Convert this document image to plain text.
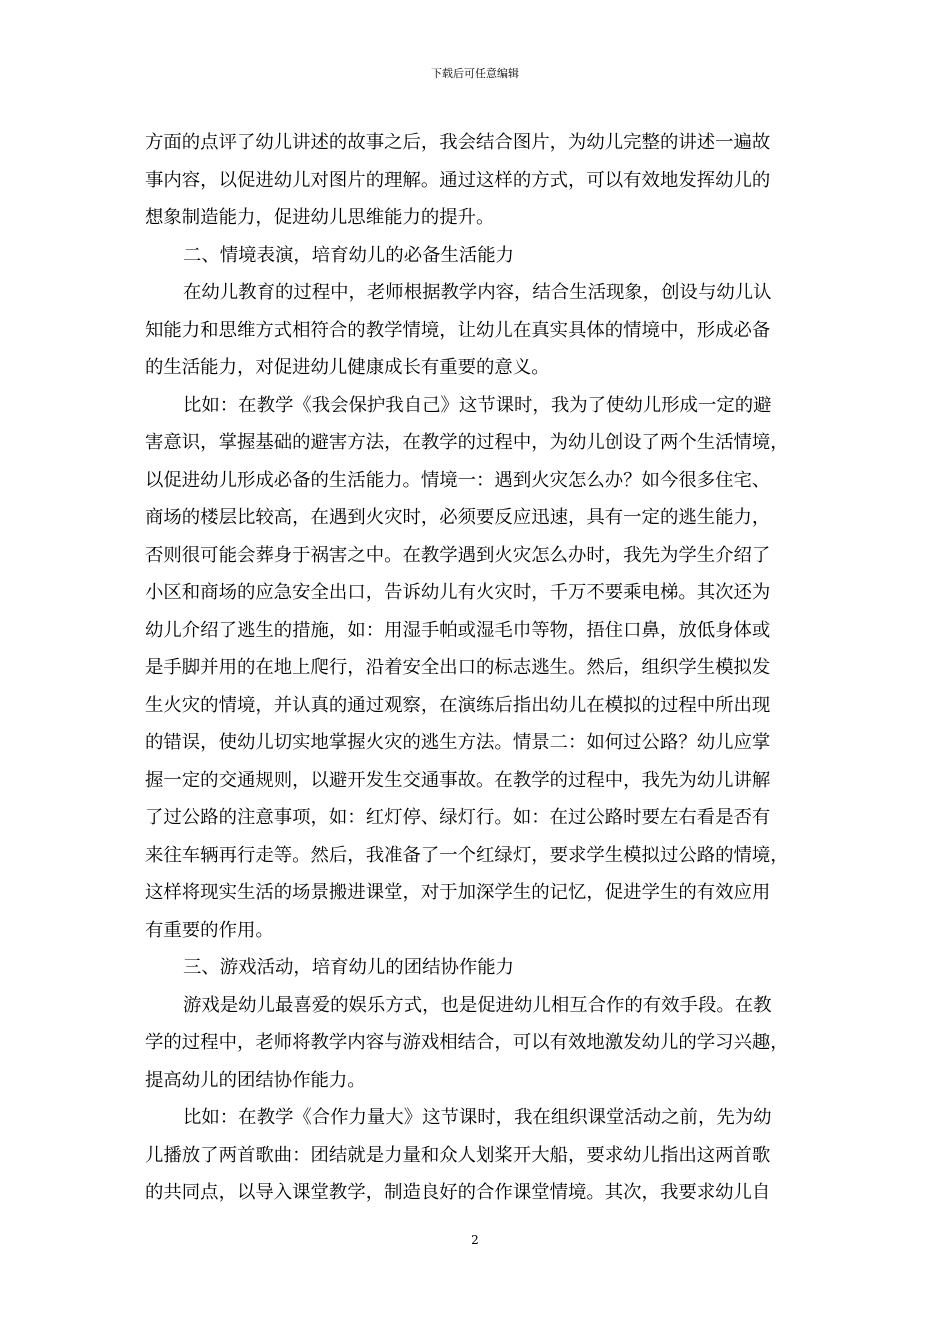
下载后可任意编辑
方面的点评了幼儿讲述的故事之后，我会结合图片，为幼儿完整的讲述一遍故
事内容，以促进幼儿对图片的理解。通过这样的方式，可以有效地发挥幼儿的
想象制造能力，促进幼儿思维能力的提升。
二、情境表演，培育幼儿的必备生活能力
在幼儿教育的过程中，老师根据教学内容，结合生活现象，创设与幼儿认
知能力和思维方式相符合的教学情境，让幼儿在真实具体的情境中，形成必备
的生活能力，对促进幼儿健康成长有重要的意义。
比如：在教学《我会保护我自己》这节课时，我为了使幼儿形成一定的避
害意识，掌握基础的避害方法，在教学的过程中，为幼儿创设了两个生活情境，
以促进幼儿形成必备的生活能力。情境一：遇到火灾怎么办？如今很多住宅、
商场的楼层比较高，在遇到火灾时，必须要反应迅速，具有一定的逃生能力，
否则很可能会葬身于祸害之中。在教学遇到火灾怎么办时，我先为学生介绍了
小区和商场的应急安全出口，告诉幼儿有火灾时，千万不要乘电梯。其次还为
幼儿介绍了逃生的措施，如：用湿手帕或湿毛巾等物，捂住口鼻，放低身体或
是手脚并用的在地上爬行，沿着安全出口的标志逃生。然后，组织学生模拟发
生火灾的情境，并认真的通过观察，在演练后指出幼儿在模拟的过程中所出现
的错误，使幼儿切实地掌握火灾的逃生方法。情景二：如何过公路？幼儿应掌
握一定的交通规则，以避开发生交通事故。在教学的过程中，我先为幼儿讲解
了过公路的注意事项，如：红灯停、绿灯行。如：在过公路时要左右看是否有
来往车辆再行走等。然后，我准备了一个红绿灯，要求学生模拟过公路的情境，
这样将现实生活的场景搬进课堂，对于加深学生的记忆，促进学生的有效应用
有重要的作用。
三、游戏活动，培育幼儿的团结协作能力
游戏是幼儿最喜爱的娱乐方式，也是促进幼儿相互合作的有效手段。在教
学的过程中，老师将教学内容与游戏相结合，可以有效地激发幼儿的学习兴趣，
提高幼儿的团结协作能力。
比如：在教学《合作力量大》这节课时，我在组织课堂活动之前，先为幼
儿播放了两首歌曲：团结就是力量和众人划桨开大船，要求幼儿指出这两首歌
的共同点，以导入课堂教学，制造良好的合作课堂情境。其次，我要求幼儿自
2
